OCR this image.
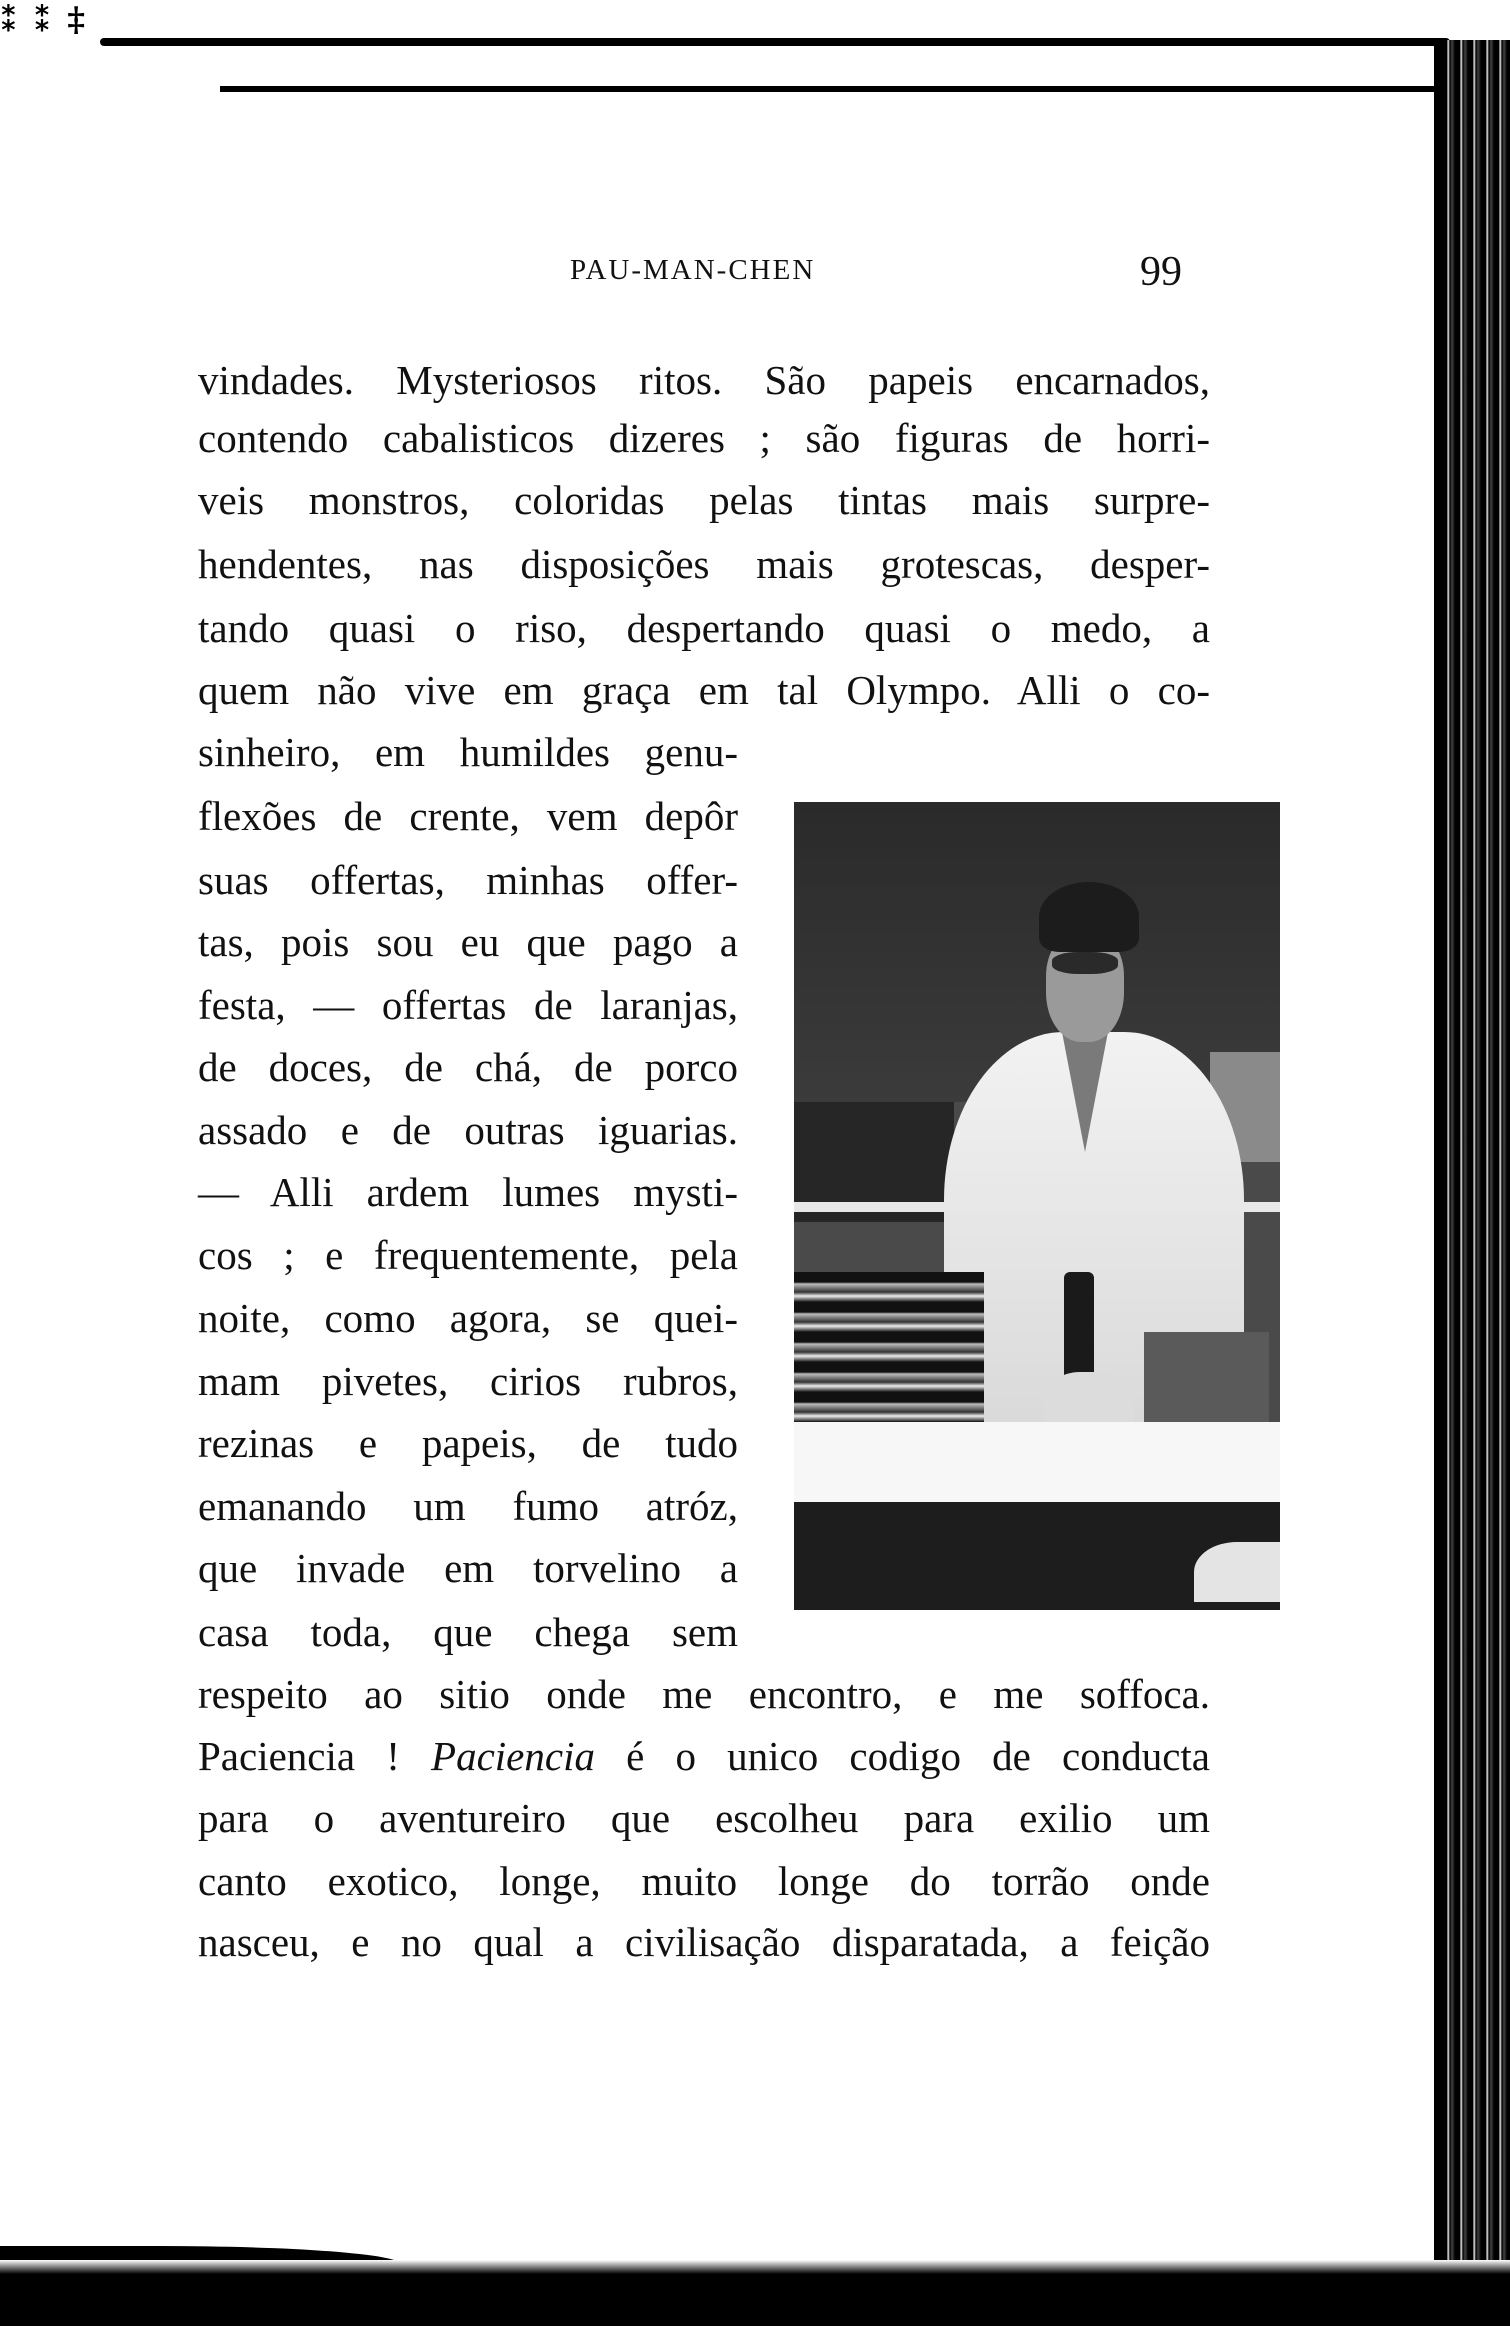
⁑ ⁑ ‡
PAU-MAN-CHEN	99

vindades. Mysteriosos ritos. São papeis encarnados,

contendo cabalisticos dizeres ; são figuras de horri-

veis monstros, coloridas pelas tintas mais surpre-

hendentes, nas disposições mais grotescas, desper-

tando quasi o riso, despertando quasi o medo, a

quem não vive em graça em tal Olympo. Alli o co-

sinheiro, em humildes genu-

flexões de crente, vem depôr

suas offertas, minhas offer-

tas, pois sou eu que pago a

festa, — offertas de laranjas,

de doces, de chá, de porco

assado e de outras iguarias.

— Alli ardem lumes mysti-

cos ; e frequentemente, pela

noite, como agora, se quei-

mam pivetes, cirios rubros,

rezinas e papeis, de tudo

emanando um fumo atróz,

que invade em torvelino a

casa toda, que chega sem

respeito ao sitio onde me encontro, e me soffoca.

Paciencia ! Paciencia é o unico codigo de conducta

para o aventureiro que escolheu para exilio um

canto exotico, longe, muito longe do torrão onde

nasceu, e no qual a civilisação disparatada, a feição
